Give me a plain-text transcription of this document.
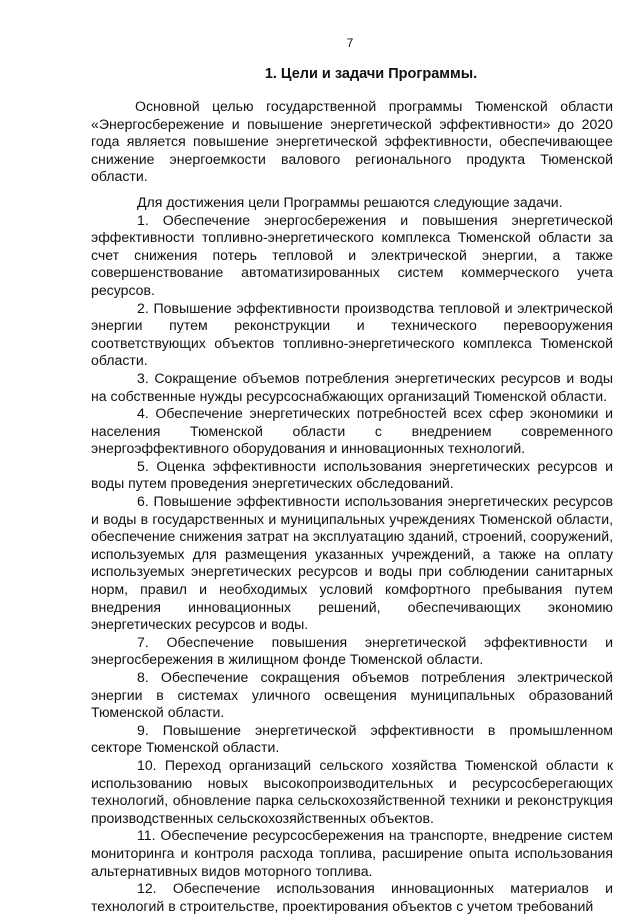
7
1. Цели и задачи Программы.

Основной целью государственной программы Тюменской области «Энергосбережение и повышение энергетической эффективности» до 2020 года является повышение энергетической эффективности, обеспечивающее снижение энергоемкости валового регионального продукта Тюменской области.

Для достижения цели Программы решаются следующие задачи.

1. Обеспечение энергосбережения и повышения энергетической эффективности топливно-энергетического комплекса Тюменской области за счет снижения потерь тепловой и электрической энергии, а также совершенствование автоматизированных систем коммерческого учета ресурсов.

2. Повышение эффективности производства тепловой и электрической энергии путем реконструкции и технического перевооружения соответствующих объектов топливно-энергетического комплекса Тюменской области.

3. Сокращение объемов потребления энергетических ресурсов и воды на собственные нужды ресурсоснабжающих организаций Тюменской области.

4. Обеспечение энергетических потребностей всех сфер экономики и населения Тюменской области с внедрением современного энергоэффективного оборудования и инновационных технологий.

5. Оценка эффективности использования энергетических ресурсов и воды путем проведения энергетических обследований.

6. Повышение эффективности использования энергетических ресурсов и воды в государственных и муниципальных учреждениях Тюменской области, обеспечение снижения затрат на эксплуатацию зданий, строений, сооружений, используемых для размещения указанных учреждений, а также на оплату используемых энергетических ресурсов и воды при соблюдении санитарных норм, правил и необходимых условий комфортного пребывания путем внедрения инновационных решений, обеспечивающих экономию энергетических ресурсов и воды.

7. Обеспечение повышения энергетической эффективности и энергосбережения в жилищном фонде Тюменской области.

8. Обеспечение сокращения объемов потребления электрической энергии в системах уличного освещения муниципальных образований Тюменской области.

9. Повышение энергетической эффективности в промышленном секторе Тюменской области.

10. Переход организаций сельского хозяйства Тюменской области к использованию новых высокопроизводительных и ресурсосберегающих технологий, обновление парка сельскохозяйственной техники и реконструкция производственных сельскохозяйственных объектов.

11. Обеспечение ресурсосбережения на транспорте, внедрение систем мониторинга и контроля расхода топлива, расширение опыта использования альтернативных видов моторного топлива.

12. Обеспечение использования инновационных материалов и технологий в строительстве, проектирования объектов с учетом требований
